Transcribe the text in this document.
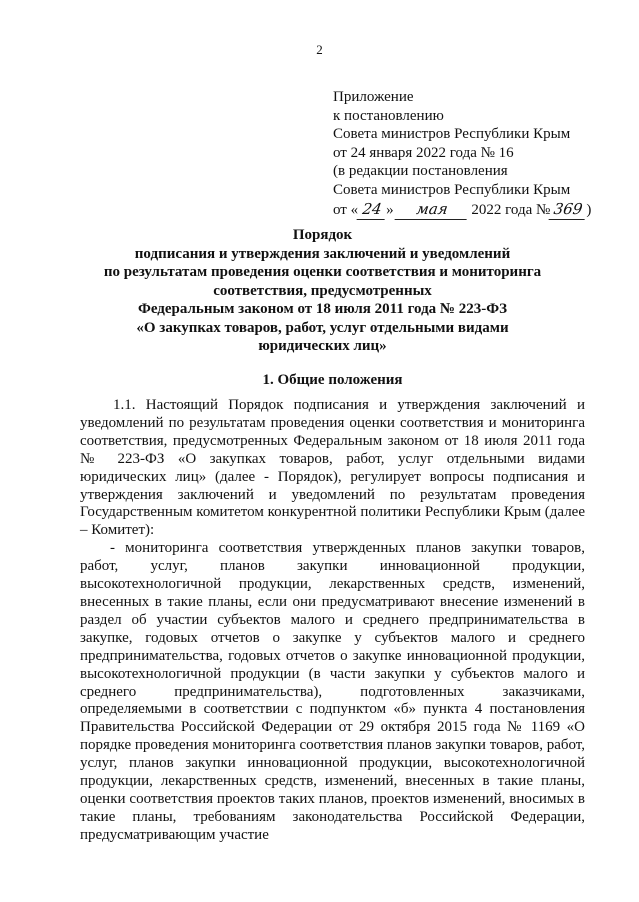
2
Приложение
к постановлению
Совета министров Республики Крым
от 24 января 2022 года № 16
(в редакции постановления
Совета министров Республики Крым
от « 24 » мая 2022 года № 369 )
Порядок
подписания и утверждения заключений и уведомлений
по результатам проведения оценки соответствия и мониторинга
соответствия, предусмотренных
Федеральным законом от 18 июля 2011 года № 223-ФЗ
«О закупках товаров, работ, услуг отдельными видами
юридических лиц»
1. Общие положения

1.1. Настоящий Порядок подписания и утверждения заключений и уведомлений по результатам проведения оценки соответствия и мониторинга соответствия, предусмотренных Федеральным законом от 18 июля 2011 года № 223-ФЗ «О закупках товаров, работ, услуг отдельными видами юридических лиц» (далее - Порядок), регулирует вопросы подписания и утверждения заключений и уведомлений по результатам проведения Государственным комитетом конкурентной политики Республики Крым (далее – Комитет):

- мониторинга соответствия утвержденных планов закупки товаров, работ, услуг, планов закупки инновационной продукции, высокотехнологичной продукции, лекарственных средств, изменений, внесенных в такие планы, если они предусматривают внесение изменений в раздел об участии субъектов малого и среднего предпринимательства в закупке, годовых отчетов о закупке у субъектов малого и среднего предпринимательства, годовых отчетов о закупке инновационной продукции, высокотехнологичной продукции (в части закупки у субъектов малого и среднего предпринимательства), подготовленных заказчиками, определяемыми в соответствии с подпунктом «б» пункта 4 постановления Правительства Российской Федерации от 29 октября 2015 года № 1169 «О порядке проведения мониторинга соответствия планов закупки товаров, работ, услуг, планов закупки инновационной продукции, высокотехнологичной продукции, лекарственных средств, изменений, внесенных в такие планы, оценки соответствия проектов таких планов, проектов изменений, вносимых в такие планы, требованиям законодательства Российской Федерации, предусматривающим участие
